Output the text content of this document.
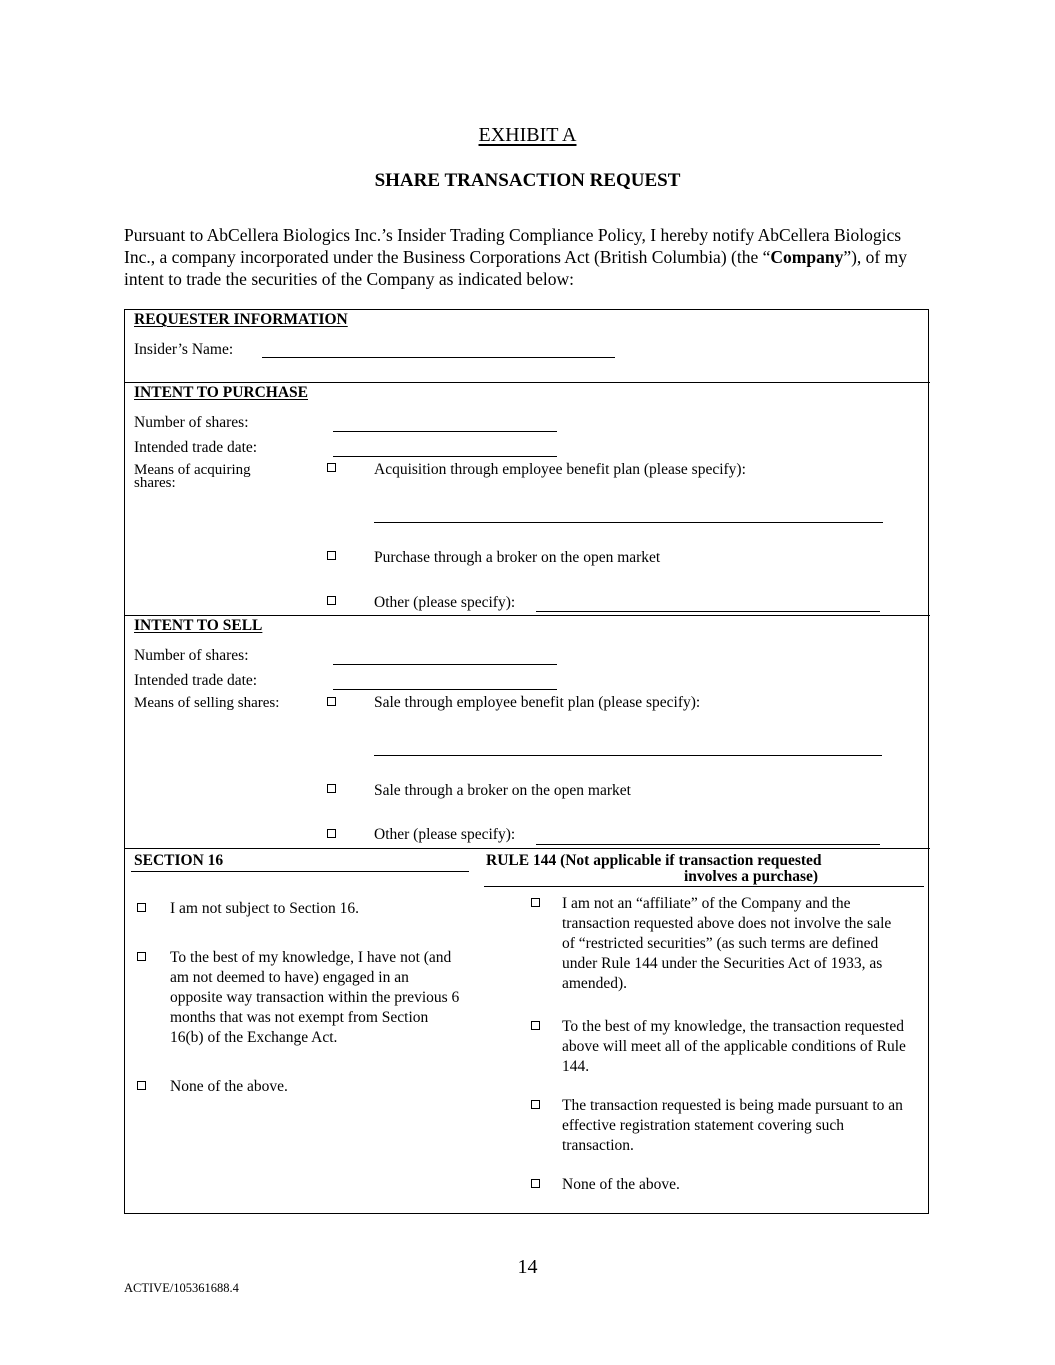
EXHIBIT A
SHARE TRANSACTION REQUEST
Pursuant to AbCellera Biologics Inc.’s Insider Trading Compliance Policy, I hereby notify AbCellera Biologics Inc., a company incorporated under the Business Corporations Act (British Columbia) (the “Company”), of my intent to trade the securities of the Company as indicated below:
REQUESTER INFORMATION
Insider’s Name:
INTENT TO PURCHASE
Number of shares:
Intended trade date:
Means of acquiring shares:
Acquisition through employee benefit plan (please specify):
Purchase through a broker on the open market
Other (please specify):
INTENT TO SELL
Number of shares:
Intended trade date:
Means of selling shares:	Sale through employee benefit plan (please specify):
Sale through a broker on the open market
Other (please specify):
SECTION 16
I am not subject to Section 16.
To the best of my knowledge, I have not (and am not deemed to have) engaged in an opposite way transaction within the previous 6 months that was not exempt from Section 16(b) of the Exchange Act.
None of the above.
RULE 144 (Not applicable if transaction requested
involves a purchase)
I am not an “affiliate” of the Company and the transaction requested above does not involve the sale of “restricted securities” (as such terms are defined under Rule 144 under the Securities Act of 1933, as amended).
To the best of my knowledge, the transaction requested above will meet all of the applicable conditions of Rule 144.
The transaction requested is being made pursuant to an effective registration statement covering such transaction.
None of the above.
14
ACTIVE/105361688.4
